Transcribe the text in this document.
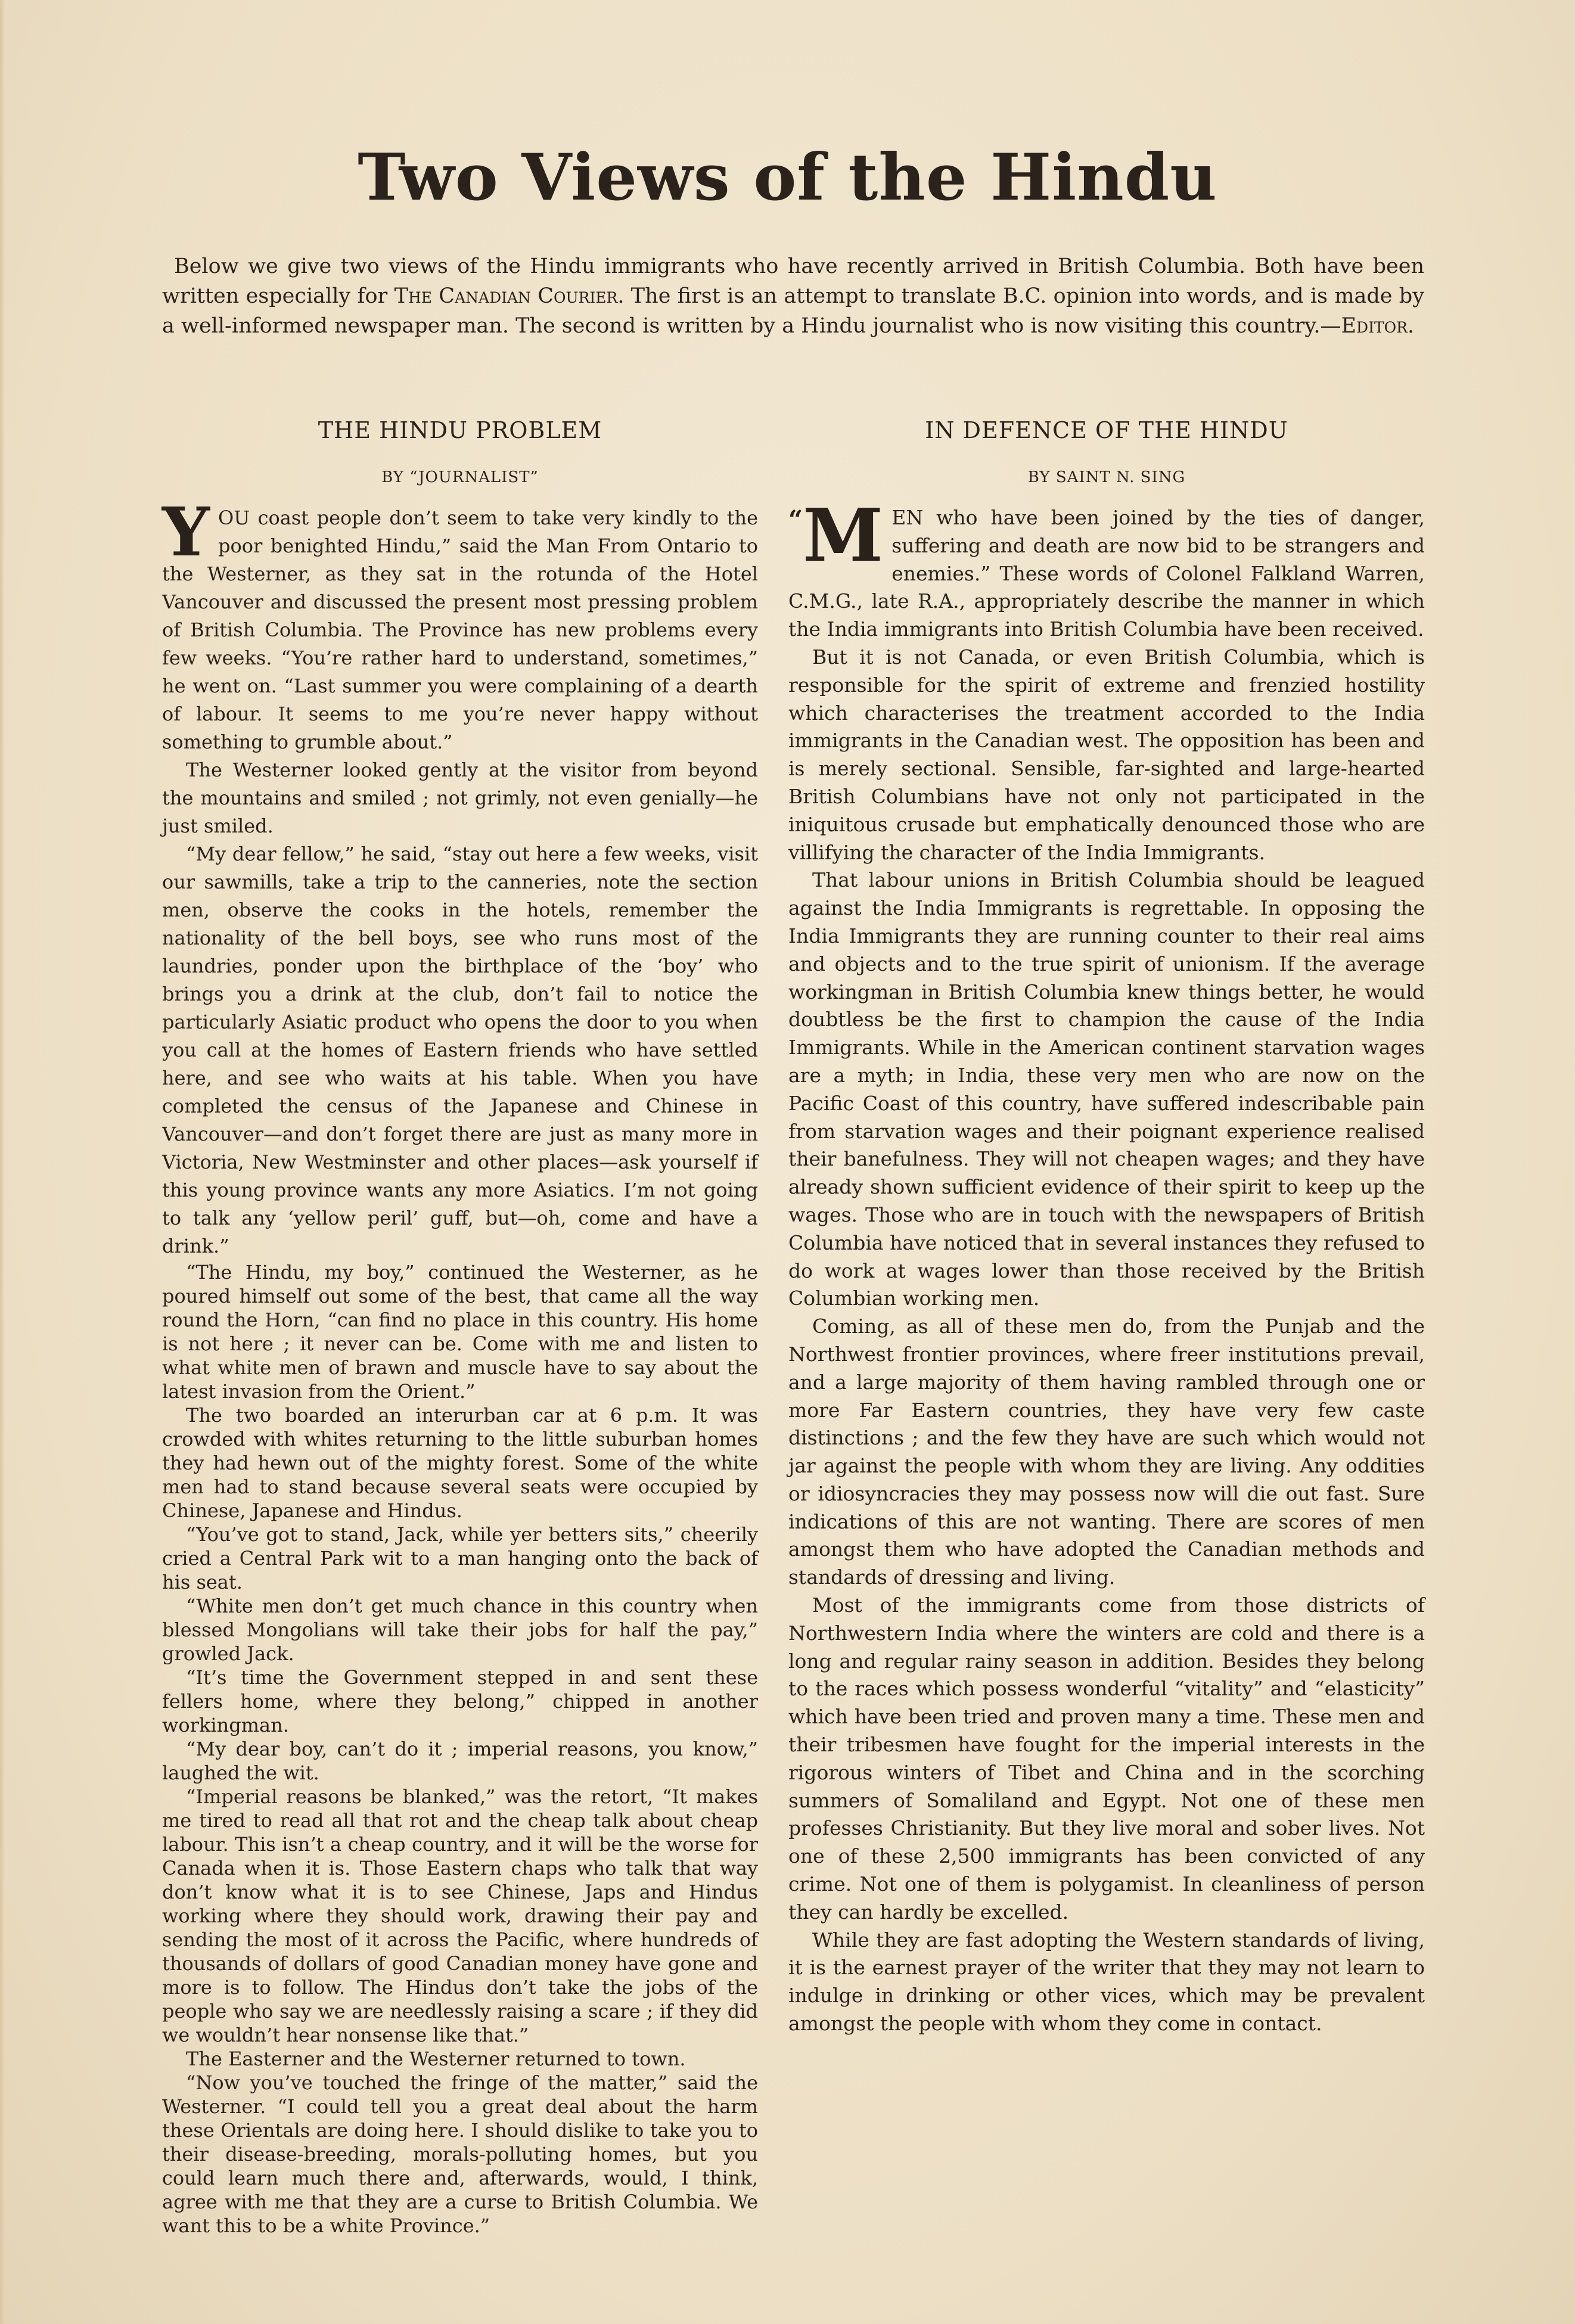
Two Views of the Hindu
Below we give two views of the Hindu immigrants who have recently arrived in British Columbia. Both have been written especially for The Canadian Courier. The first is an attempt to translate B.C. opinion into words, and is made by a well-informed newspaper man. The second is written by a Hindu journalist who is now visiting this country.—Editor.
THE HINDU PROBLEM
BY “JOURNALIST”

YOU coast people don’t seem to take very kindly to the poor benighted Hindu,” said the Man From Ontario to the Westerner, as they sat in the rotunda of the Hotel Vancouver and discussed the present most pressing problem of British Columbia. The Province has new problems every few weeks. “You’re rather hard to understand, sometimes,” he went on. “Last summer you were complaining of a dearth of labour. It seems to me you’re never happy without something to grumble about.”

The Westerner looked gently at the visitor from beyond the mountains and smiled ; not grimly, not even genially—he just smiled.

“My dear fellow,” he said, “stay out here a few weeks, visit our sawmills, take a trip to the canneries, note the section men, observe the cooks in the hotels, remember the nationality of the bell boys, see who runs most of the laundries, ponder upon the birthplace of the ‘boy’ who brings you a drink at the club, don’t fail to notice the particularly Asiatic product who opens the door to you when you call at the homes of Eastern friends who have settled here, and see who waits at his table. When you have completed the census of the Japanese and Chinese in Vancouver—and don’t forget there are just as many more in Victoria, New Westminster and other places—ask yourself if this young province wants any more Asiatics. I’m not going to talk any ‘yellow peril’ guff, but—oh, come and have a drink.”

“The Hindu, my boy,” continued the Westerner, as he poured himself out some of the best, that came all the way round the Horn, “can find no place in this country. His home is not here ; it never can be. Come with me and listen to what white men of brawn and muscle have to say about the latest invasion from the Orient.”

The two boarded an interurban car at 6 p.m. It was crowded with whites returning to the little suburban homes they had hewn out of the mighty forest. Some of the white men had to stand because several seats were occupied by Chinese, Japanese and Hindus.

“You’ve got to stand, Jack, while yer betters sits,” cheerily cried a Central Park wit to a man hanging onto the back of his seat.

“White men don’t get much chance in this country when blessed Mongolians will take their jobs for half the pay,” growled Jack.

“It’s time the Government stepped in and sent these fellers home, where they belong,” chipped in another workingman.

“My dear boy, can’t do it ; imperial reasons, you know,” laughed the wit.

“Imperial reasons be blanked,” was the retort, “It makes me tired to read all that rot and the cheap talk about cheap labour. This isn’t a cheap country, and it will be the worse for Canada when it is. Those Eastern chaps who talk that way don’t know what it is to see Chinese, Japs and Hindus working where they should work, drawing their pay and sending the most of it across the Pacific, where hundreds of thousands of dollars of good Canadian money have gone and more is to follow. The Hindus don’t take the jobs of the people who say we are needlessly raising a scare ; if they did we wouldn’t hear nonsense like that.”

The Easterner and the Westerner returned to town.

“Now you’ve touched the fringe of the matter,” said the Westerner. “I could tell you a great deal about the harm these Orientals are doing here. I should dislike to take you to their disease-breeding, morals-polluting homes, but you could learn much there and, afterwards, would, I think, agree with me that they are a curse to British Columbia. We want this to be a white Province.”

IN DEFENCE OF THE HINDU
BY SAINT N. SING

“M EN who have been joined by the ties of danger, suffering and death are now bid to be strangers and enemies.” These words of Colonel Falkland Warren, C.M.G., late R.A., appropriately describe the manner in which the India immigrants into British Columbia have been received.

But it is not Canada, or even British Columbia, which is responsible for the spirit of extreme and frenzied hostility which characterises the treatment accorded to the India immigrants in the Canadian west. The opposition has been and is merely sectional. Sensible, far-sighted and large-hearted British Columbians have not only not participated in the iniquitous crusade but emphatically denounced those who are villifying the character of the India Immigrants.

That labour unions in British Columbia should be leagued against the India Immigrants is regrettable. In opposing the India Immigrants they are running counter to their real aims and objects and to the true spirit of unionism. If the average workingman in British Columbia knew things better, he would doubtless be the first to champion the cause of the India Immigrants. While in the American continent starvation wages are a myth; in India, these very men who are now on the Pacific Coast of this country, have suffered indescribable pain from starvation wages and their poignant experience realised their banefulness. They will not cheapen wages; and they have already shown sufficient evidence of their spirit to keep up the wages. Those who are in touch with the newspapers of British Columbia have noticed that in several instances they refused to do work at wages lower than those received by the British Columbian working men.

Coming, as all of these men do, from the Punjab and the Northwest frontier provinces, where freer institutions prevail, and a large majority of them having rambled through one or more Far Eastern countries, they have very few caste distinctions ; and the few they have are such which would not jar against the people with whom they are living. Any oddities or idiosyncracies they may possess now will die out fast. Sure indications of this are not wanting. There are scores of men amongst them who have adopted the Canadian methods and standards of dressing and living.

Most of the immigrants come from those districts of Northwestern India where the winters are cold and there is a long and regular rainy season in addition. Besides they belong to the races which possess wonderful “vitality” and “elasticity” which have been tried and proven many a time. These men and their tribesmen have fought for the imperial interests in the rigorous winters of Tibet and China and in the scorching summers of Somaliland and Egypt. Not one of these men professes Christianity. But they live moral and sober lives. Not one of these 2,500 immigrants has been convicted of any crime. Not one of them is polygamist. In cleanliness of person they can hardly be excelled.

While they are fast adopting the Western standards of living, it is the earnest prayer of the writer that they may not learn to indulge in drinking or other vices, which may be prevalent amongst the people with whom they come in contact.
